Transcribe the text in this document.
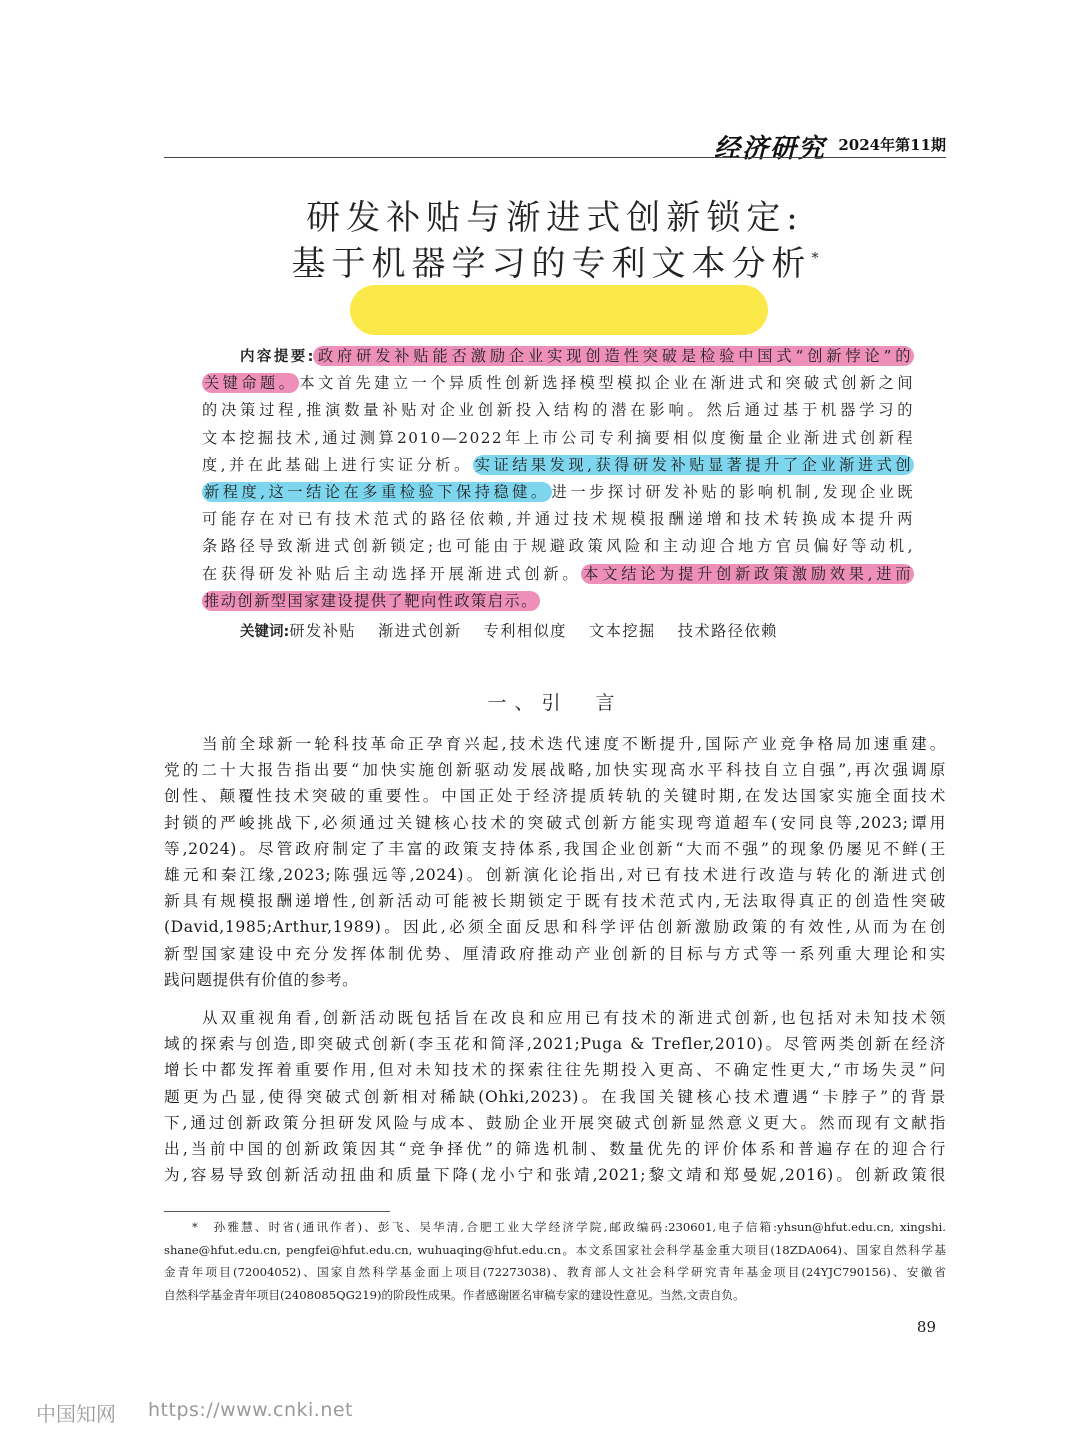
经济研究 2024年第11期
研发补贴与渐进式创新锁定:
基于机器学习的专利文本分析*
内容提要: 政府研发补贴能否激励企业实现创造性突破是检验中国式“创新悖论”的
关键命题。 本文首先建立一个异质性创新选择模型模拟企业在渐进式和突破式创新之间
的决策过程,推演数量补贴对企业创新投入结构的潜在影响。然后通过基于机器学习的
文本挖掘技术,通过测算2010—2022年上市公司专利摘要相似度衡量企业渐进式创新程
度,并在此基础上进行实证分析。 实证结果发现,获得研发补贴显著提升了企业渐进式创
新程度,这一结论在多重检验下保持稳健。 进一步探讨研发补贴的影响机制,发现企业既
可能存在对已有技术范式的路径依赖,并通过技术规模报酬递增和技术转换成本提升两
条路径导致渐进式创新锁定;也可能由于规避政策风险和主动迎合地方官员偏好等动机,
在获得研发补贴后主动选择开展渐进式创新。 本文结论为提升创新政策激励效果,进而
推动创新型国家建设提供了靶向性政策启示。
关键词:研发补贴 渐进式创新 专利相似度 文本挖掘 技术路径依赖
一、引　言
当前全球新一轮科技革命正孕育兴起,技术迭代速度不断提升,国际产业竞争格局加速重建。
党的二十大报告指出要“加快实施创新驱动发展战略,加快实现高水平科技自立自强”,再次强调原
创性、颠覆性技术突破的重要性。中国正处于经济提质转轨的关键时期,在发达国家实施全面技术
封锁的严峻挑战下,必须通过关键核心技术的突破式创新方能实现弯道超车(安同良等,2023;谭用
等,2024)。尽管政府制定了丰富的政策支持体系,我国企业创新“大而不强”的现象仍屡见不鲜(王
雄元和秦江缘,2023;陈强远等,2024)。创新演化论指出,对已有技术进行改造与转化的渐进式创
新具有规模报酬递增性,创新活动可能被长期锁定于既有技术范式内,无法取得真正的创造性突破
(David,1985;Arthur,1989)。因此,必须全面反思和科学评估创新激励政策的有效性,从而为在创
新型国家建设中充分发挥体制优势、厘清政府推动产业创新的目标与方式等一系列重大理论和实
践问题提供有价值的参考。
从双重视角看,创新活动既包括旨在改良和应用已有技术的渐进式创新,也包括对未知技术领
域的探索与创造,即突破式创新(李玉花和简泽,2021;Puga & Trefler,2010)。尽管两类创新在经济
增长中都发挥着重要作用,但对未知技术的探索往往先期投入更高、不确定性更大,“市场失灵”问
题更为凸显,使得突破式创新相对稀缺(Ohki,2023)。在我国关键核心技术遭遇“卡脖子”的背景
下,通过创新政策分担研发风险与成本、鼓励企业开展突破式创新显然意义更大。然而现有文献指
出,当前中国的创新政策因其“竞争择优”的筛选机制、数量优先的评价体系和普遍存在的迎合行
为,容易导致创新活动扭曲和质量下降(龙小宁和张靖,2021;黎文靖和郑曼妮,2016)。创新政策很
*　孙雅慧、时省(通讯作者)、彭飞、吴华清,合肥工业大学经济学院,邮政编码:230601,电子信箱:yhsun@hfut.edu.cn, xingshi.
shane@hfut.edu.cn, pengfei@hfut.edu.cn, wuhuaqing@hfut.edu.cn。本文系国家社会科学基金重大项目(18ZDA064)、国家自然科学基
金青年项目(72004052)、国家自然科学基金面上项目(72273038)、教育部人文社会科学研究青年基金项目(24YJC790156)、安徽省
自然科学基金青年项目(2408085QG219)的阶段性成果。作者感谢匿名审稿专家的建设性意见。当然,文责自负。
89
中国知网 https://www.cnki.net
